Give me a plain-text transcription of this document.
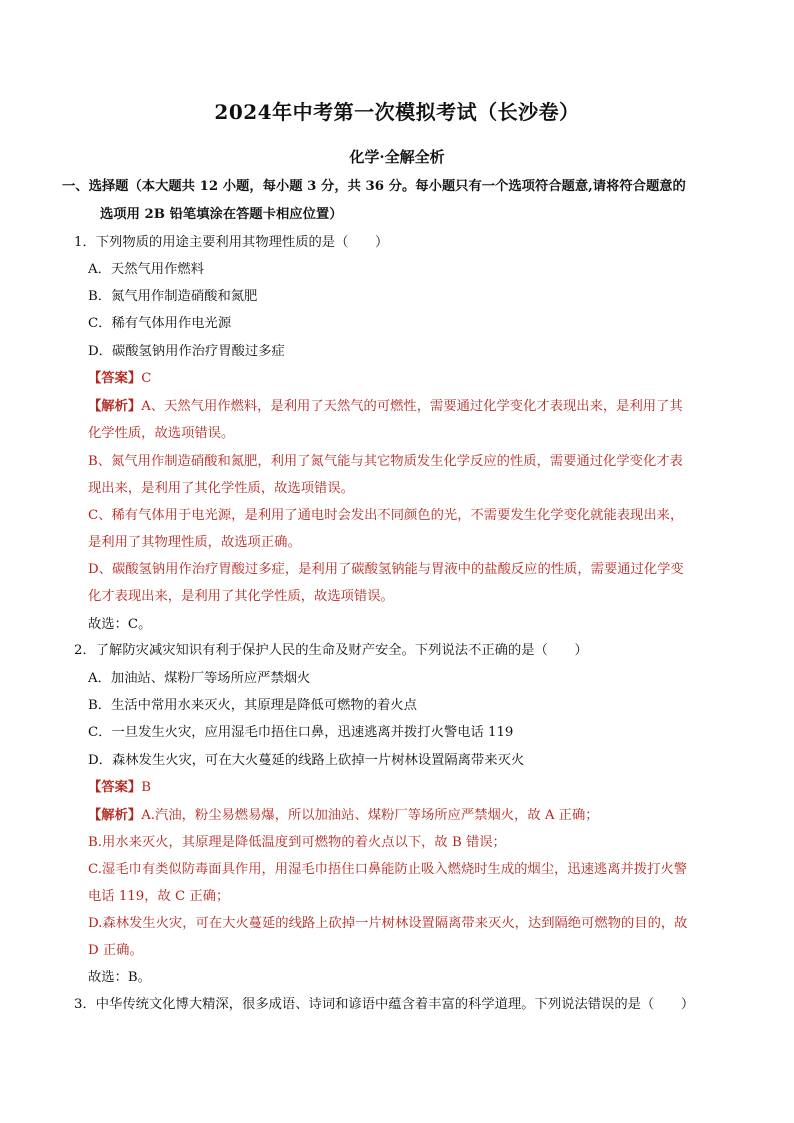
2024年中考第一次模拟考试（长沙卷）
化学·全解全析
一、选择题（本大题共 12 小题，每小题 3 分，共 36 分。每小题只有一个选项符合题意,请将符合题意的
选项用 2B 铅笔填涂在答题卡相应位置）
1．下列物质的用途主要利用其物理性质的是（　　）
A．天然气用作燃料
B．氮气用作制造硝酸和氮肥
C．稀有气体用作电光源
D．碳酸氢钠用作治疗胃酸过多症
【答案】C
【解析】A、天然气用作燃料，是利用了天然气的可燃性，需要通过化学变化才表现出来，是利用了其
化学性质，故选项错误。
B、氮气用作制造硝酸和氮肥，利用了氮气能与其它物质发生化学反应的性质，需要通过化学变化才表
现出来，是利用了其化学性质，故选项错误。
C、稀有气体用于电光源，是利用了通电时会发出不同颜色的光，不需要发生化学变化就能表现出来，
是利用了其物理性质，故选项正确。
D、碳酸氢钠用作治疗胃酸过多症，是利用了碳酸氢钠能与胃液中的盐酸反应的性质，需要通过化学变
化才表现出来，是利用了其化学性质，故选项错误。
故选：C。
2．了解防灾减灾知识有利于保护人民的生命及财产安全。下列说法不正确的是（　　）
A．加油站、煤粉厂等场所应严禁烟火
B．生活中常用水来灭火，其原理是降低可燃物的着火点
C．一旦发生火灾，应用湿毛巾捂住口鼻，迅速逃离并拨打火警电话 119
D．森林发生火灾，可在大火蔓延的线路上砍掉一片树林设置隔离带来灭火
【答案】B
【解析】A.汽油，粉尘易燃易爆，所以加油站、煤粉厂等场所应严禁烟火，故 A 正确；
B.用水来灭火，其原理是降低温度到可燃物的着火点以下，故 B 错误；
C.湿毛巾有类似防毒面具作用，用湿毛巾捂住口鼻能防止吸入燃烧时生成的烟尘，迅速逃离并拨打火警
电话 119，故 C 正确；
D.森林发生火灾，可在大火蔓延的线路上砍掉一片树林设置隔离带来灭火，达到隔绝可燃物的目的，故
D 正确。
故选：B。
3．中华传统文化博大精深，很多成语、诗词和谚语中蕴含着丰富的科学道理。下列说法错误的是（　　）
